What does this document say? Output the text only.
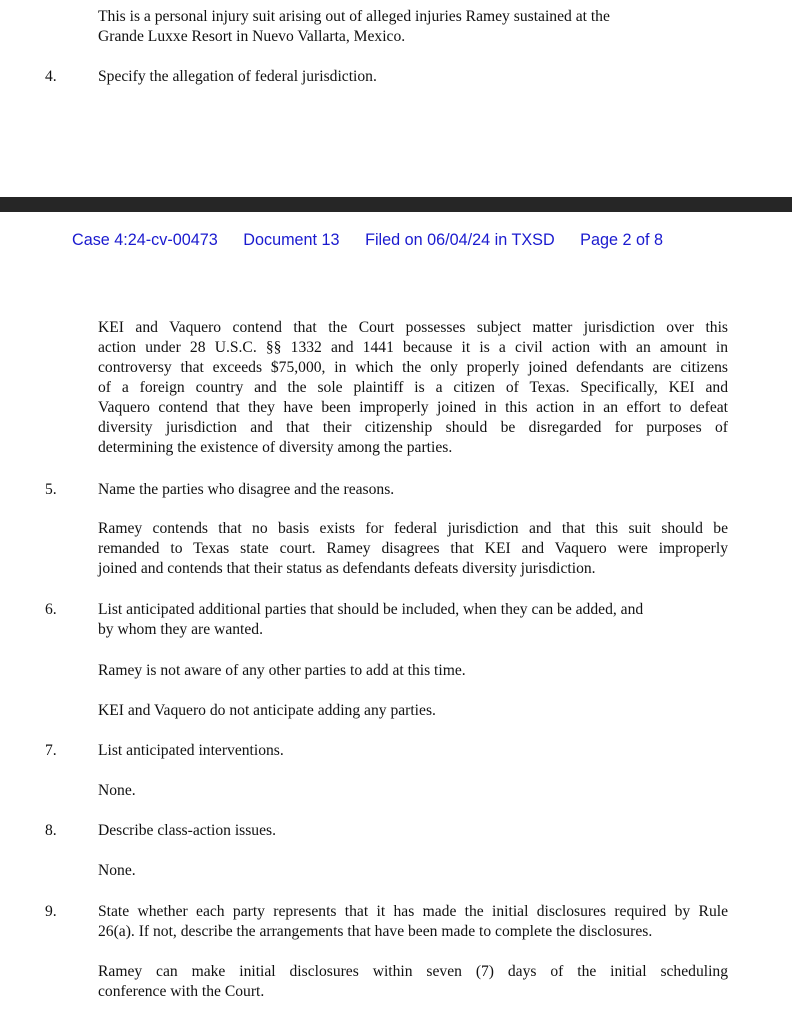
This is a personal injury suit arising out of alleged injuries Ramey sustained at the
Grande Luxxe Resort in Nuevo Vallarta, Mexico.
4.	Specify the allegation of federal jurisdiction.
Case 4:24-cv-00473 Document 13 Filed on 06/04/24 in TXSD Page 2 of 8
KEI and Vaquero contend that the Court possesses subject matter jurisdiction over this
action under 28 U.S.C. §§ 1332 and 1441 because it is a civil action with an amount in
controversy that exceeds $75,000, in which the only properly joined defendants are citizens
of a foreign country and the sole plaintiff is a citizen of Texas. Specifically, KEI and
Vaquero contend that they have been improperly joined in this action in an effort to defeat
diversity jurisdiction and that their citizenship should be disregarded for purposes of
determining the existence of diversity among the parties.
5.	Name the parties who disagree and the reasons.
Ramey contends that no basis exists for federal jurisdiction and that this suit should be
remanded to Texas state court. Ramey disagrees that KEI and Vaquero were improperly
joined and contends that their status as defendants defeats diversity jurisdiction.
6.	List anticipated additional parties that should be included, when they can be added, and
by whom they are wanted.
Ramey is not aware of any other parties to add at this time.
KEI and Vaquero do not anticipate adding any parties.
7.	List anticipated interventions.
None.
8.	Describe class-action issues.
None.
9.	State whether each party represents that it has made the initial disclosures required by Rule
26(a). If not, describe the arrangements that have been made to complete the disclosures.
Ramey can make initial disclosures within seven (7) days of the initial scheduling
conference with the Court.
